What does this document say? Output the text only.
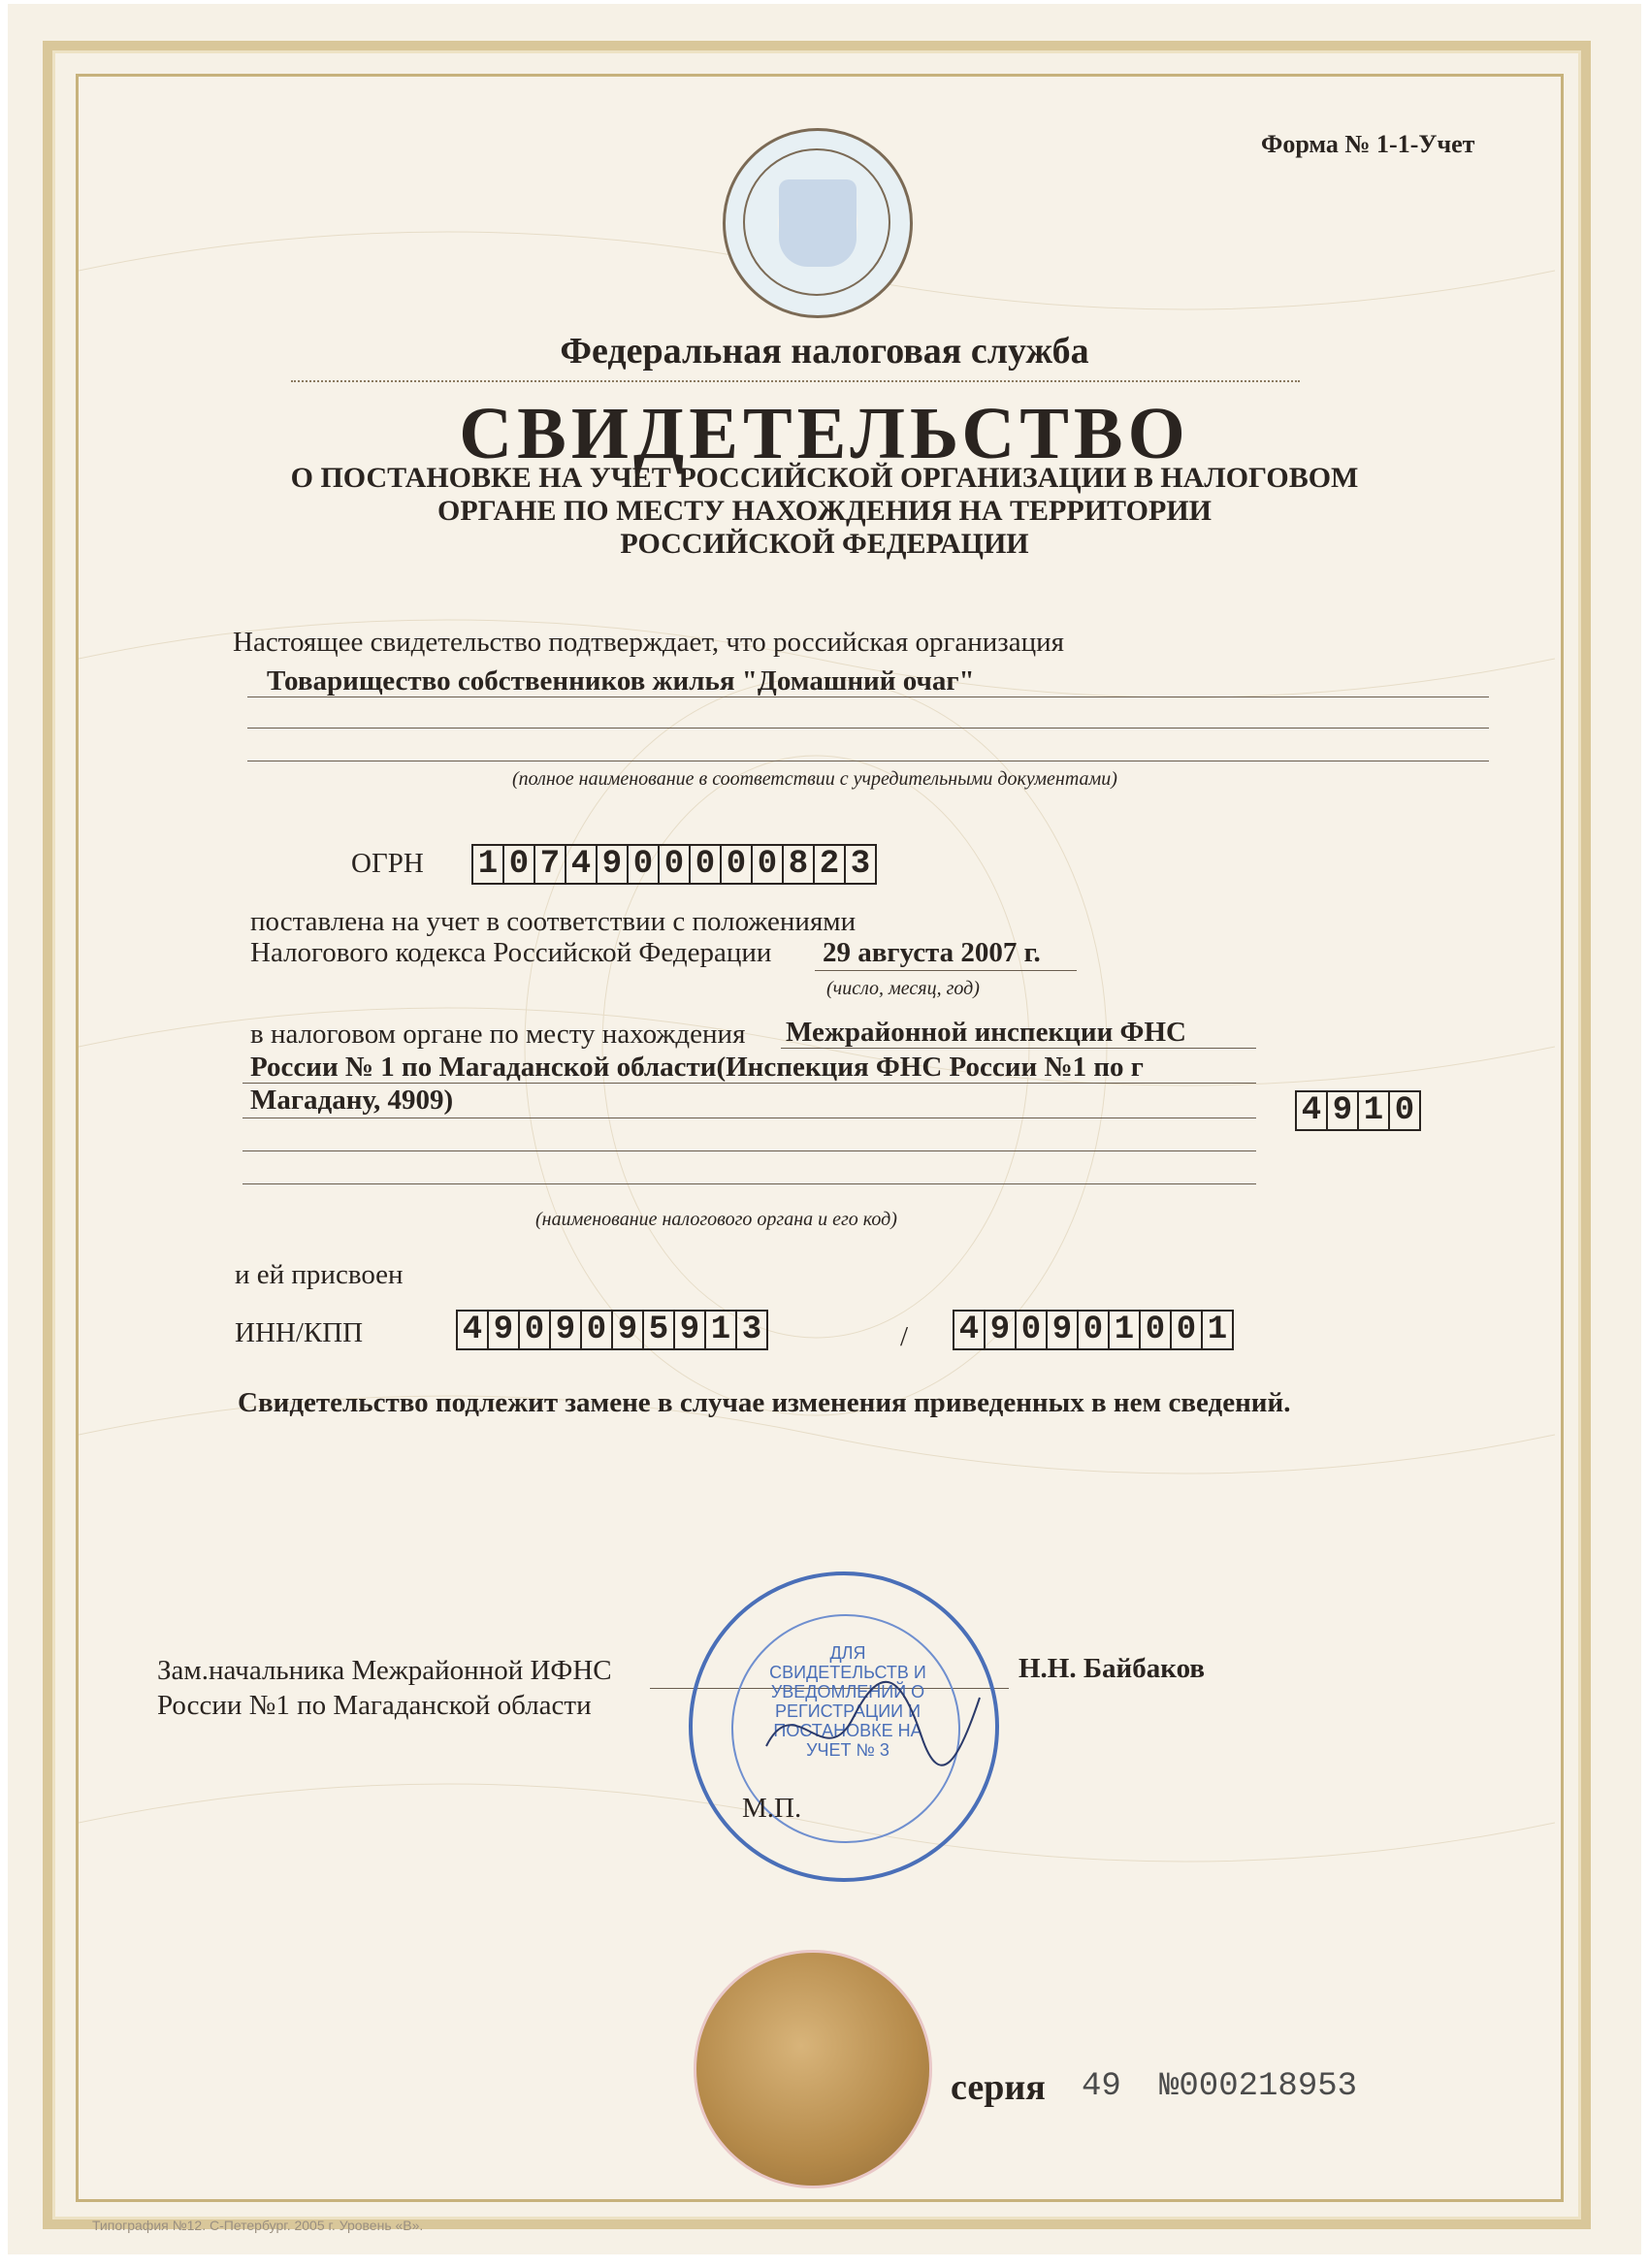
Форма № 1-1-Учет
Федеральная налоговая служба
СВИДЕТЕЛЬСТВО
О ПОСТАНОВКЕ НА УЧЕТ РОССИЙСКОЙ ОРГАНИЗАЦИИ В НАЛОГОВОМ
ОРГАНЕ ПО МЕСТУ НАХОЖДЕНИЯ НА ТЕРРИТОРИИ
РОССИЙСКОЙ ФЕДЕРАЦИИ
Настоящее свидетельство подтверждает, что российская организация
Товарищество собственников жилья "Домашний очаг"
(полное наименование в соответствии с учредительными документами)
ОГРН 1 0 7 4 9 0 0 0 0 0 8 2 3
поставлена на учет в соответствии с положениями
Налогового кодекса Российской Федерации 29 августа 2007 г.
(число, месяц, год)
в налоговом органе по месту нахождения Межрайонной инспекции ФНС
России № 1 по Магаданской области(Инспекция ФНС России №1 по г
Магадану, 4909)	4 9 1 0
(наименование налогового органа и его код)
и ей присвоен
ИНН/КПП	4 9 0 9 0 9 5 9 1 3	/ 4 9 0 9 0 1 0 0 1
Свидетельство подлежит замене в случае изменения приведенных в нем сведений.
Зам.начальника Межрайонной ИФНС
России №1 по Магаданской области
Н.Н. Байбаков
ДЛЯ СВИДЕТЕЛЬСТВ И УВЕДОМЛЕНИЙ О РЕГИСТРАЦИИ И ПОСТАНОВКЕ НА УЧЕТ № 3
М.П.
серия 49 №000218953
Типография №12. С-Петербург. 2005 г. Уровень «В».
